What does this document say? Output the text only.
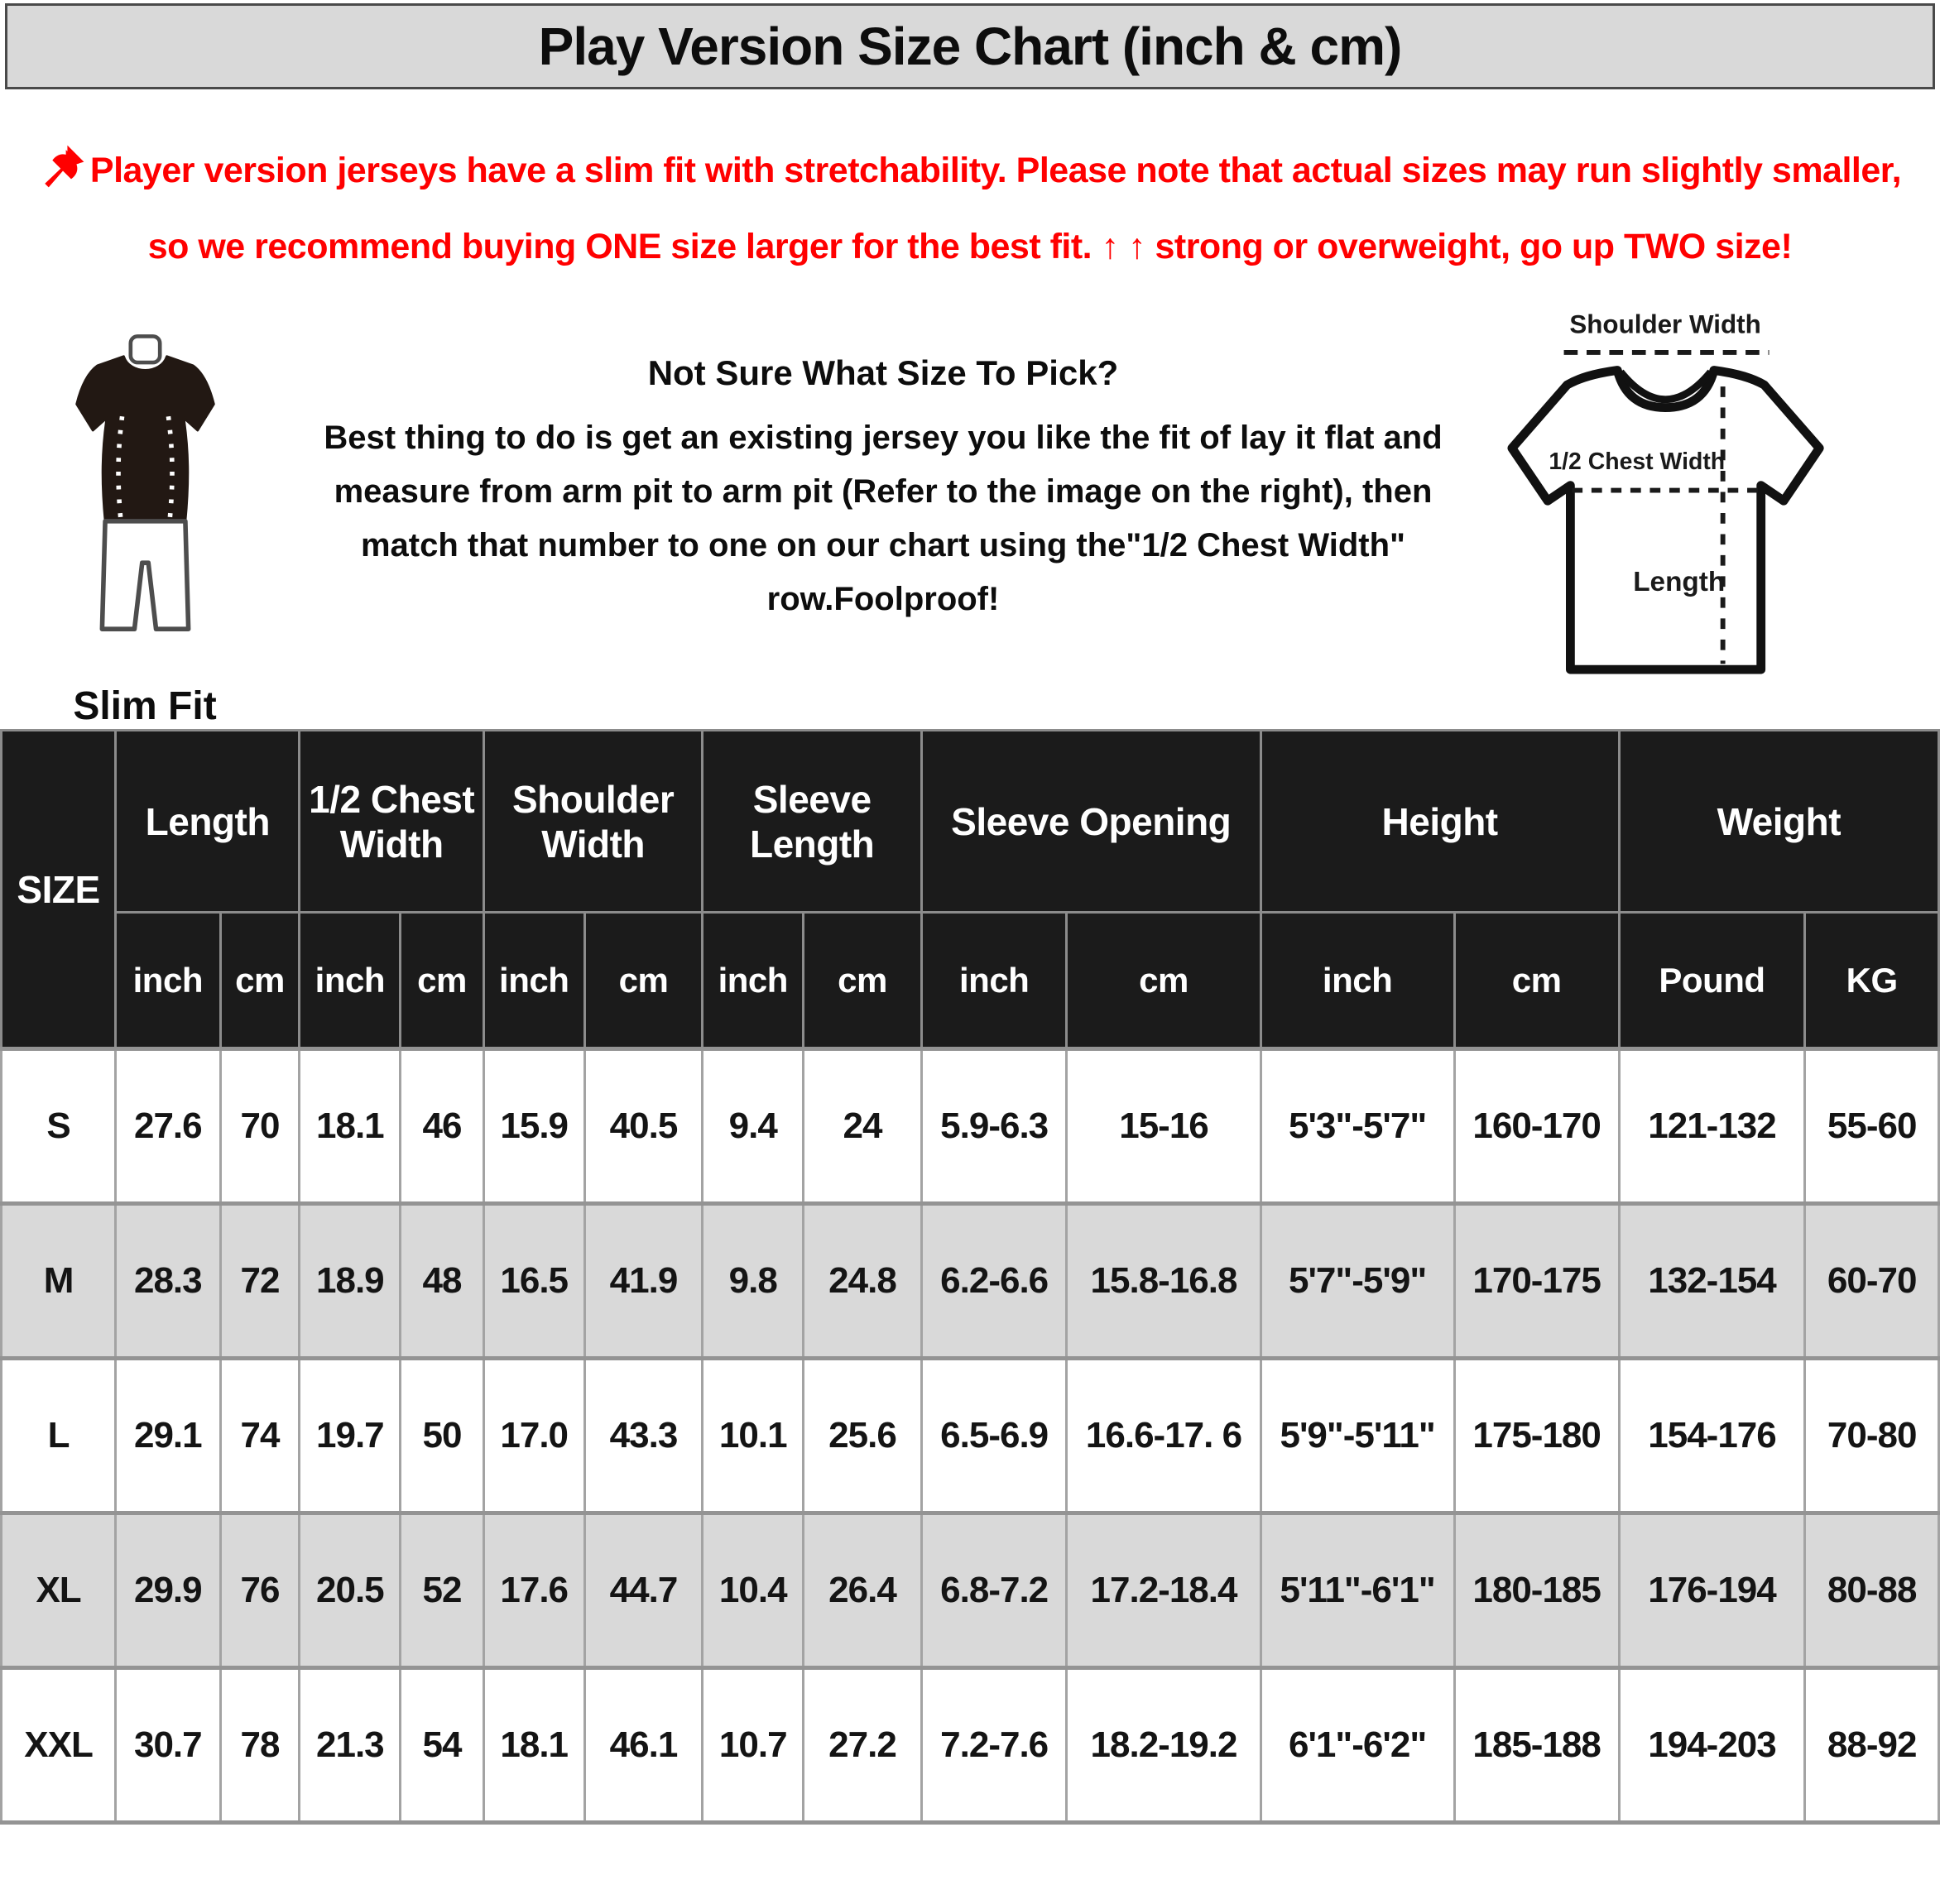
Play Version Size Chart (inch & cm)
Player version jerseys have a slim fit with stretchability. Please note that actual sizes may run slightly smaller, so we recommend buying ONE size larger for the best fit. ↑ ↑ strong or overweight, go up TWO size!
Slim Fit
Not Sure What Size To Pick?
Best thing to do is get an existing jersey you like the fit of lay it flat and measure from arm pit to arm pit (Refer to the image on the right), then match that number to one on our chart using the"1/2 Chest Width" row.Foolproof!
Shoulder Width
1/2 Chest Width
Length
SIZE	Length		1/2 Chest Width		Shoulder Width		Sleeve Length		Sleeve Opening		Height		Weight	
	inch	cm	inch	cm	inch	cm	inch	cm	inch	cm	inch	cm	Pound	KG
S	27.6	70	18.1	46	15.9	40.5	9.4	24	5.9-6.3	15-16	5'3"-5'7"	160-170	121-132	55-60
M	28.3	72	18.9	48	16.5	41.9	9.8	24.8	6.2-6.6	15.8-16.8	5'7"-5'9"	170-175	132-154	60-70
L	29.1	74	19.7	50	17.0	43.3	10.1	25.6	6.5-6.9	16.6-17. 6	5'9"-5'11"	175-180	154-176	70-80
XL	29.9	76	20.5	52	17.6	44.7	10.4	26.4	6.8-7.2	17.2-18.4	5'11"-6'1"	180-185	176-194	80-88
XXL	30.7	78	21.3	54	18.1	46.1	10.7	27.2	7.2-7.6	18.2-19.2	6'1"-6'2"	185-188	194-203	88-92
